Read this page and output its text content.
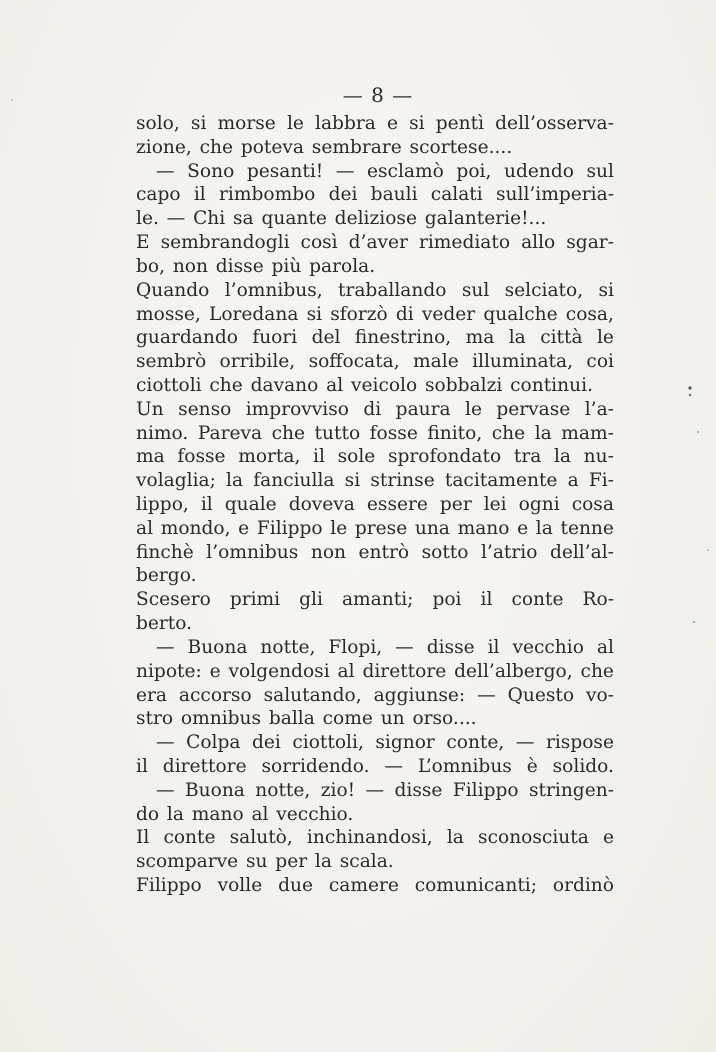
— 8 —
solo, si morse le labbra e si pentì dell’osserva-
zione, che poteva sembrare scortese....
— Sono pesanti! — esclamò poi, udendo sul
capo il rimbombo dei bauli calati sull’imperia-
le. — Chi sa quante deliziose galanterie!...
E sembrandogli così d’aver rimediato allo sgar-
bo, non disse più parola.
Quando l’omnibus, traballando sul selciato, si
mosse, Loredana si sforzò di veder qualche cosa,
guardando fuori del finestrino, ma la città le
sembrò orribile, soffocata, male illuminata, coi
ciottoli che davano al veicolo sobbalzi continui.
Un senso improvviso di paura le pervase l’a-
nimo. Pareva che tutto fosse finito, che la mam-
ma fosse morta, il sole sprofondato tra la nu-
volaglia; la fanciulla si strinse tacitamente a Fi-
lippo, il quale doveva essere per lei ogni cosa
al mondo, e Filippo le prese una mano e la tenne
finchè l’omnibus non entrò sotto l’atrio dell’al-
bergo.
Scesero primi gli amanti; poi il conte Ro-
berto.
— Buona notte, Flopi, — disse il vecchio al
nipote: e volgendosi al direttore dell’albergo, che
era accorso salutando, aggiunse: — Questo vo-
stro omnibus balla come un orso....
— Colpa dei ciottoli, signor conte, — rispose
il direttore sorridendo. — L’omnibus è solido.
— Buona notte, zio! — disse Filippo stringen-
do la mano al vecchio.
Il conte salutò, inchinandosi, la sconosciuta e
scomparve su per la scala.
Filippo volle due camere comunicanti; ordinò
